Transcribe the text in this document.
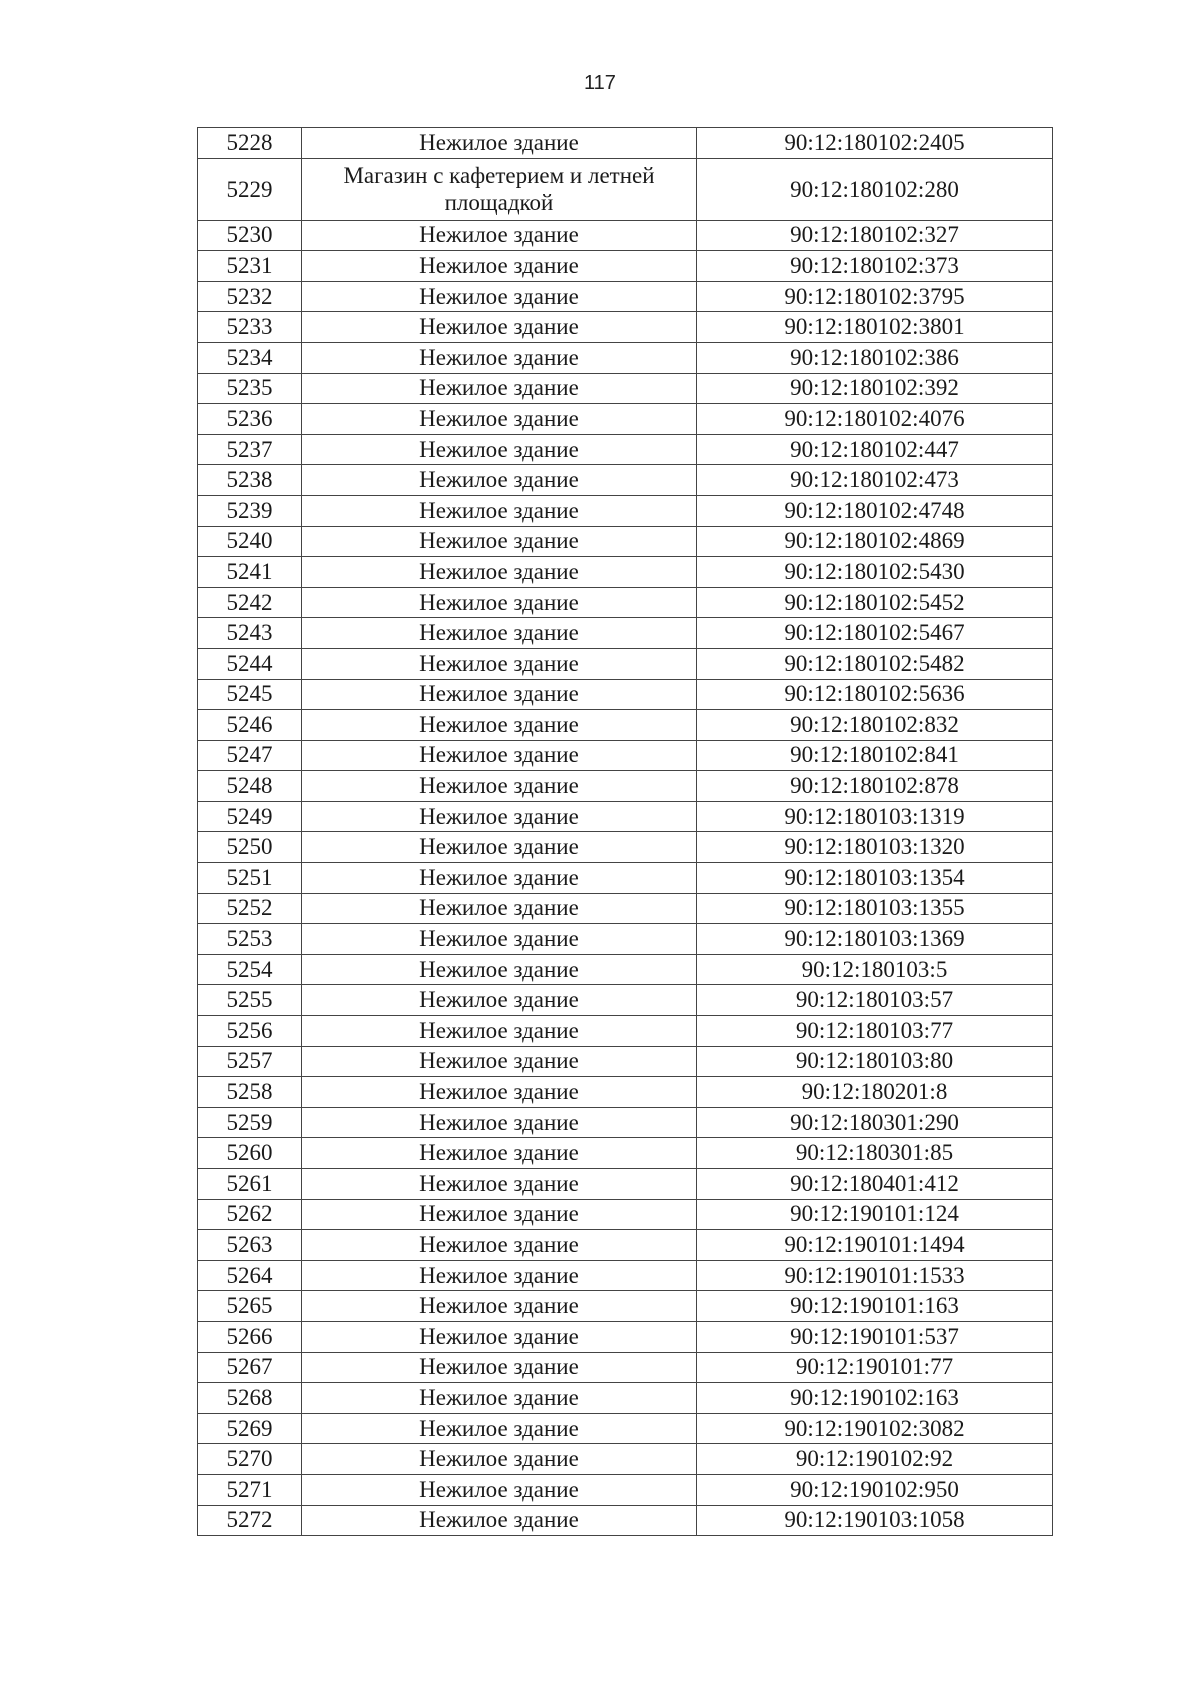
117
5228	Нежилое здание	90:12:180102:2405
5229	Магазин с кафетерием и летней площадкой	90:12:180102:280
5230	Нежилое здание	90:12:180102:327
5231	Нежилое здание	90:12:180102:373
5232	Нежилое здание	90:12:180102:3795
5233	Нежилое здание	90:12:180102:3801
5234	Нежилое здание	90:12:180102:386
5235	Нежилое здание	90:12:180102:392
5236	Нежилое здание	90:12:180102:4076
5237	Нежилое здание	90:12:180102:447
5238	Нежилое здание	90:12:180102:473
5239	Нежилое здание	90:12:180102:4748
5240	Нежилое здание	90:12:180102:4869
5241	Нежилое здание	90:12:180102:5430
5242	Нежилое здание	90:12:180102:5452
5243	Нежилое здание	90:12:180102:5467
5244	Нежилое здание	90:12:180102:5482
5245	Нежилое здание	90:12:180102:5636
5246	Нежилое здание	90:12:180102:832
5247	Нежилое здание	90:12:180102:841
5248	Нежилое здание	90:12:180102:878
5249	Нежилое здание	90:12:180103:1319
5250	Нежилое здание	90:12:180103:1320
5251	Нежилое здание	90:12:180103:1354
5252	Нежилое здание	90:12:180103:1355
5253	Нежилое здание	90:12:180103:1369
5254	Нежилое здание	90:12:180103:5
5255	Нежилое здание	90:12:180103:57
5256	Нежилое здание	90:12:180103:77
5257	Нежилое здание	90:12:180103:80
5258	Нежилое здание	90:12:180201:8
5259	Нежилое здание	90:12:180301:290
5260	Нежилое здание	90:12:180301:85
5261	Нежилое здание	90:12:180401:412
5262	Нежилое здание	90:12:190101:124
5263	Нежилое здание	90:12:190101:1494
5264	Нежилое здание	90:12:190101:1533
5265	Нежилое здание	90:12:190101:163
5266	Нежилое здание	90:12:190101:537
5267	Нежилое здание	90:12:190101:77
5268	Нежилое здание	90:12:190102:163
5269	Нежилое здание	90:12:190102:3082
5270	Нежилое здание	90:12:190102:92
5271	Нежилое здание	90:12:190102:950
5272	Нежилое здание	90:12:190103:1058
